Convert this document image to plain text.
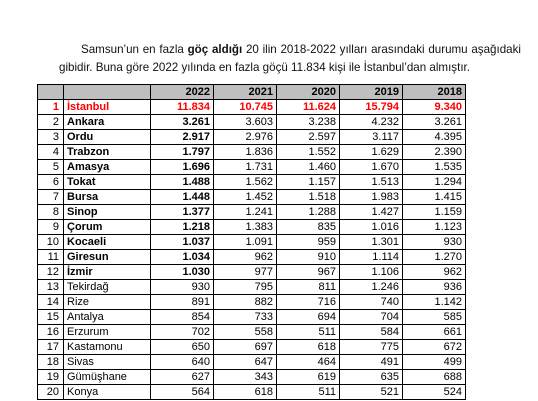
Samsun’un en fazla göç aldığı 20 ilin 2018-2022 yılları arasındaki durumu aşağıdaki gibidir. Buna göre 2022 yılında en fazla göçü 11.834 kişi ile İstanbul’dan almıştır.
		2022	2021	2020	2019	2018
1	İstanbul	11.834	10.745	11.624	15.794	9.340
2	Ankara	3.261	3.603	3.238	4.232	3.261
3	Ordu	2.917	2.976	2.597	3.117	4.395
4	Trabzon	1.797	1.836	1.552	1.629	2.390
5	Amasya	1.696	1.731	1.460	1.670	1.535
6	Tokat	1.488	1.562	1.157	1.513	1.294
7	Bursa	1.448	1.452	1.518	1.983	1.415
8	Sinop	1.377	1.241	1.288	1.427	1.159
9	Çorum	1.218	1.383	835	1.016	1.123
10	Kocaeli	1.037	1.091	959	1.301	930
11	Giresun	1.034	962	910	1.114	1.270
12	İzmir	1.030	977	967	1.106	962
13	Tekirdağ	930	795	811	1.246	936
14	Rize	891	882	716	740	1.142
15	Antalya	854	733	694	704	585
16	Erzurum	702	558	511	584	661
17	Kastamonu	650	697	618	775	672
18	Sivas	640	647	464	491	499
19	Gümüşhane	627	343	619	635	688
20	Konya	564	618	511	521	524
